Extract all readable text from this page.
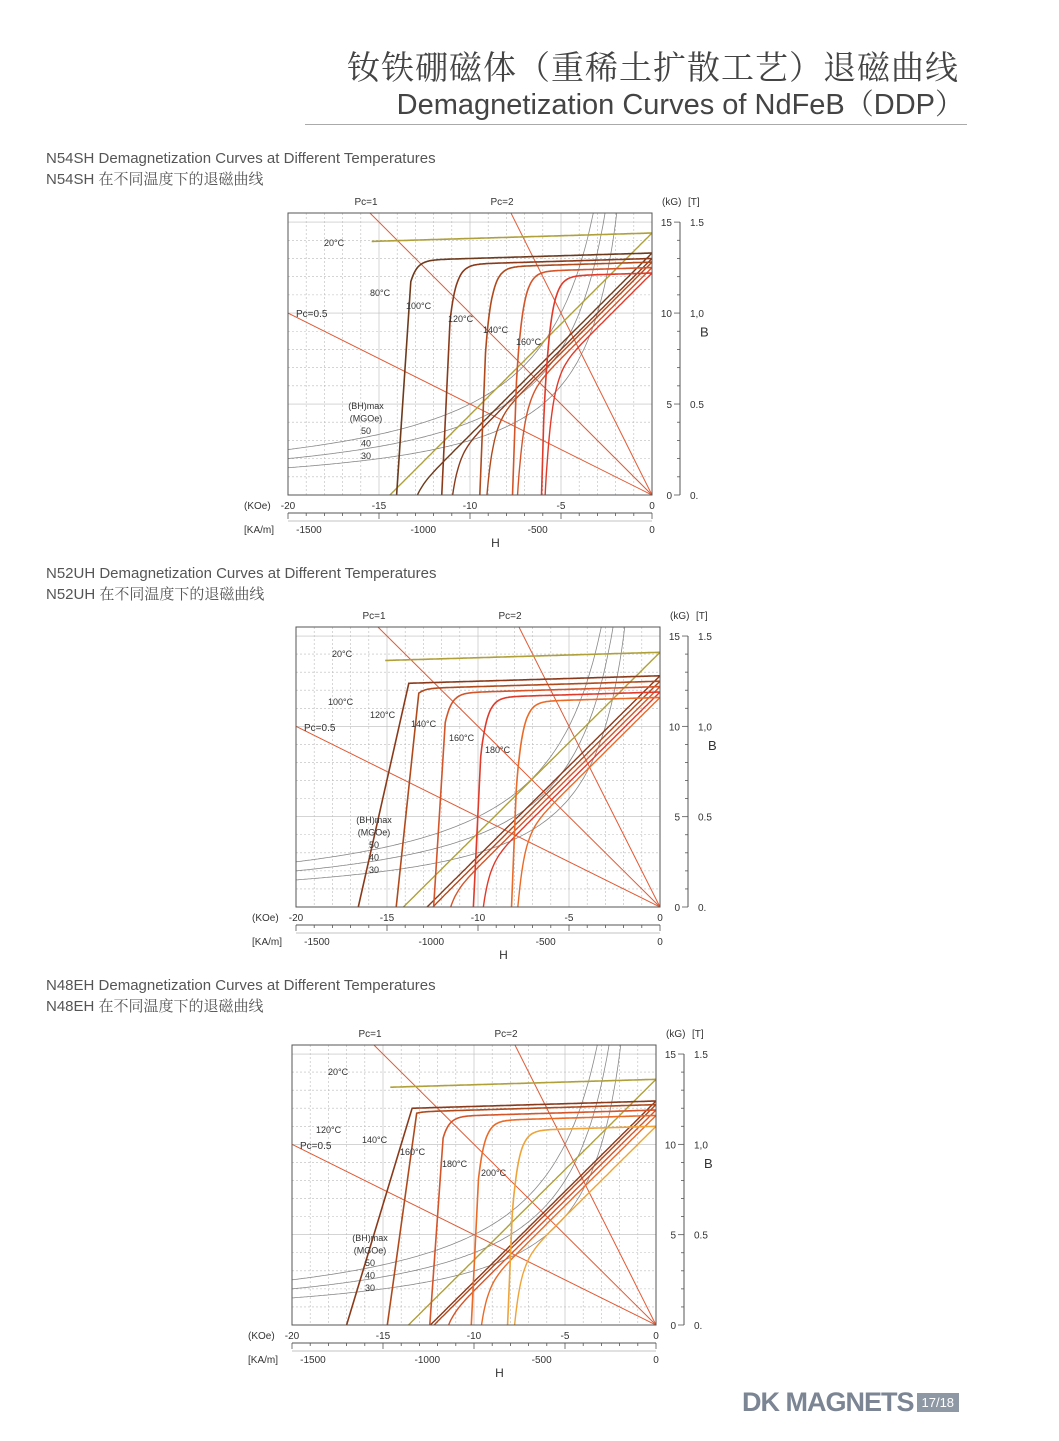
钕铁硼磁体（重稀土扩散工艺）退磁曲线
Demagnetization Curves of NdFeB（DDP）
N54SH Demagnetization Curves at Different Temperatures
N54SH 在不同温度下的退磁曲线
20°C
80°C
100°C
120°C
140°C
160°C
Pc=1	Pc=2
Pc=0.5
(BH)max
(MGOe)
50
40
30
(KOe) -20	-15	-10	-5	0
[KA/m] -1500	-1000	-500	0
H
(kG) [T]
0
5
10
15
0.
0.5
1,0
1.5
B
N52UH Demagnetization Curves at Different Temperatures
N52UH 在不同温度下的退磁曲线
20°C
100°C
120°C
140°C
160°C
180°C
Pc=1	Pc=2
Pc=0.5
(BH)max
(MGOe)
50
40
30
(KOe) -20	-15	-10	-5	0
[KA/m] -1500	-1000	-500	0
H
(kG) [T]
0
5
10
15
0.
0.5
1,0
1.5
B
N48EH Demagnetization Curves at Different Temperatures
N48EH 在不同温度下的退磁曲线
20°C
120°C
140°C
160°C
180°C
200°C
Pc=1	Pc=2
Pc=0.5
(BH)max
(MGOe)
50
40
30
(KOe) -20	-15	-10	-5	0
[KA/m] -1500	-1000	-500	0
H
(kG) [T]
0
5
10
15
0.
0.5
1,0
1.5
B
DK MAGNETS 17/18
